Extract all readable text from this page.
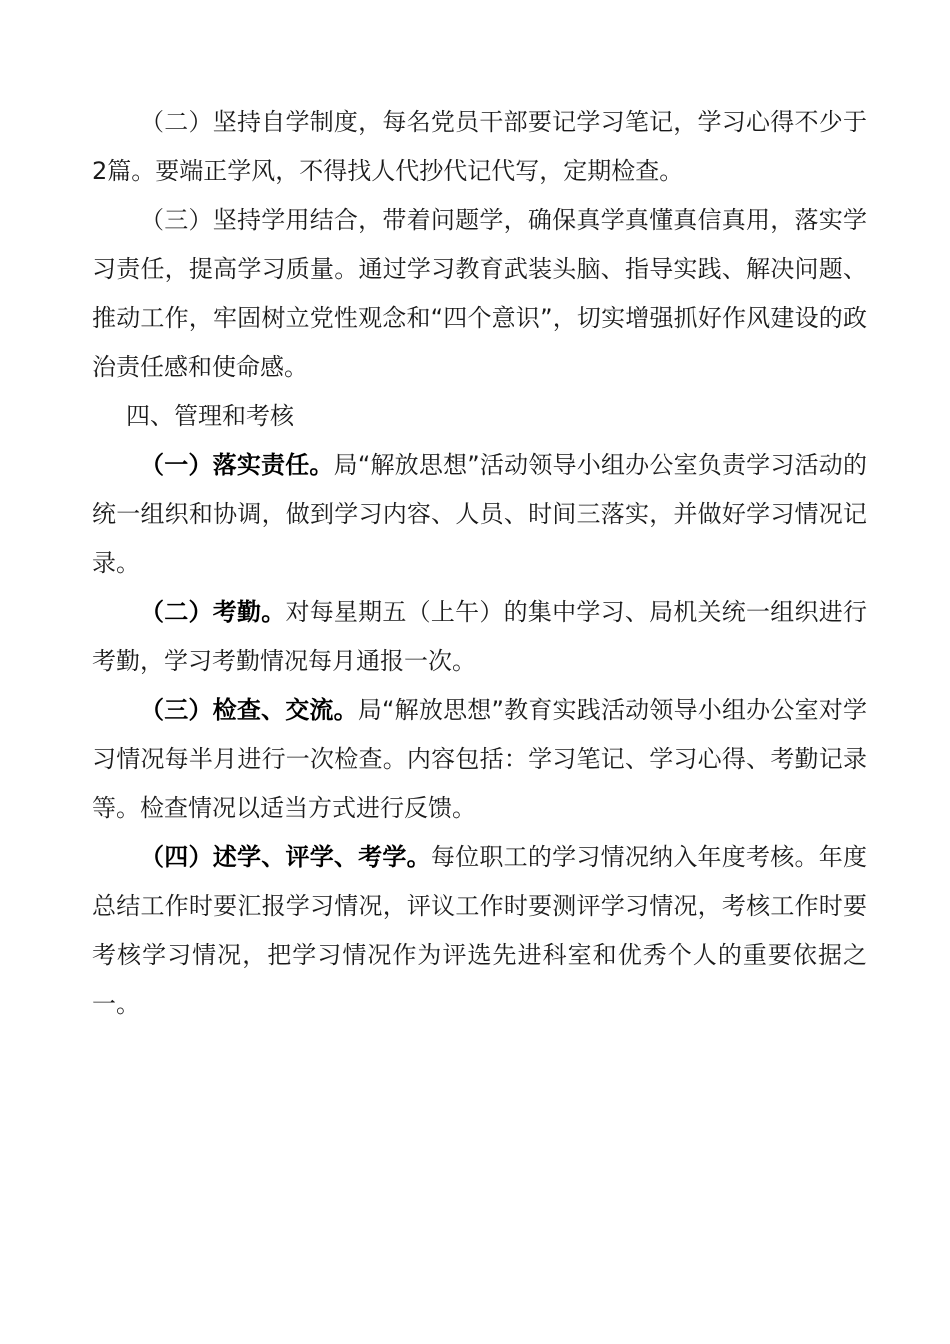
（二）坚持自学制度，每名党员干部要记学习笔记，学习心得不少于2篇。要端正学风，不得找人代抄代记代写，定期检查。

（三）坚持学用结合，带着问题学，确保真学真懂真信真用，落实学习责任，提高学习质量。通过学习教育武装头脑、指导实践、解决问题、推动工作，牢固树立党性观念和“四个意识”，切实增强抓好作风建设的政治责任感和使命感。

四、管理和考核

（一）落实责任。局“解放思想”活动领导小组办公室负责学习活动的统一组织和协调，做到学习内容、人员、时间三落实，并做好学习情况记录。

（二）考勤。对每星期五（上午）的集中学习、局机关统一组织进行考勤，学习考勤情况每月通报一次。

（三）检查、交流。局“解放思想”教育实践活动领导小组办公室对学习情况每半月进行一次检查。内容包括：学习笔记、学习心得、考勤记录等。检查情况以适当方式进行反馈。

（四）述学、评学、考学。每位职工的学习情况纳入年度考核。年度总结工作时要汇报学习情况，评议工作时要测评学习情况，考核工作时要考核学习情况，把学习情况作为评选先进科室和优秀个人的重要依据之一。
